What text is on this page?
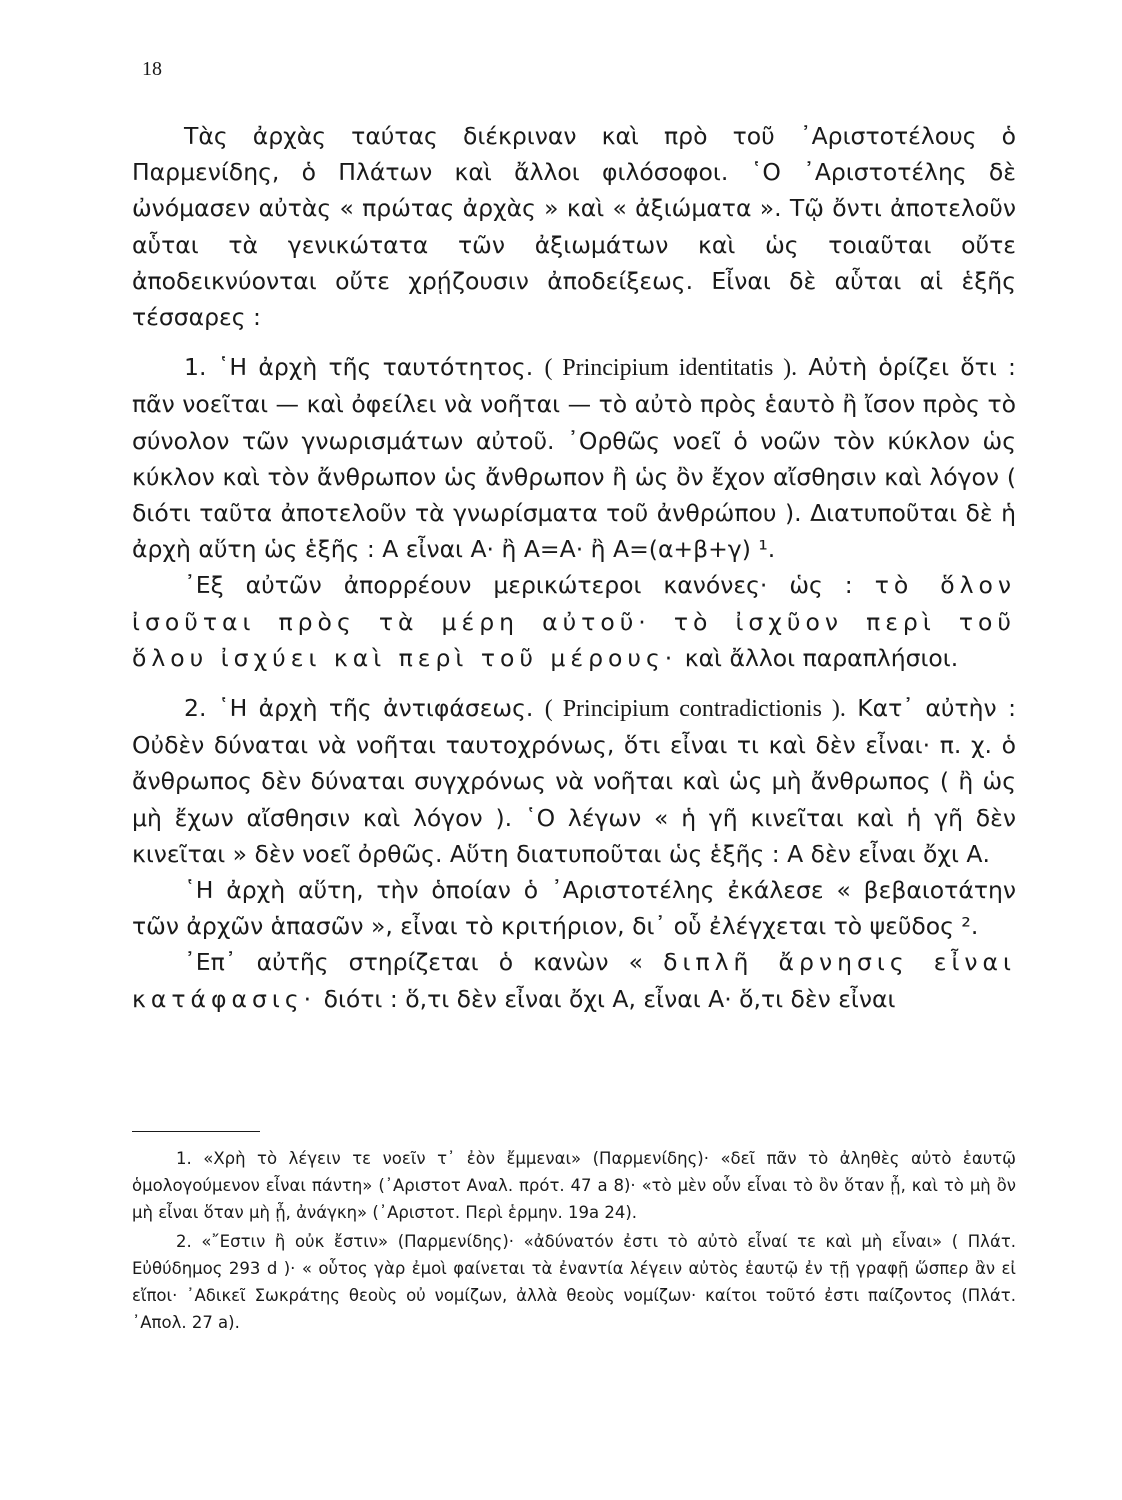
18

Τὰς ἀρχὰς ταύτας διέκριναν καὶ πρὸ τοῦ ᾽Αριστοτέλους ὁ Παρμενίδης, ὁ Πλάτων καὶ ἄλλοι φιλόσοφοι. ῾Ο ᾽Αριστοτέλης δὲ ὠνόμασεν αὐτὰς « πρώτας ἀρχὰς » καὶ « ἀξιώματα ». Τῷ ὄντι ἀποτελοῦν αὗται τὰ γενικώτατα τῶν ἀξιωμάτων καὶ ὡς τοιαῦται οὔτε ἀποδεικνύονται οὔτε χρῄζουσιν ἀποδείξεως. Εἶναι δὲ αὗται αἱ ἑξῆς τέσσαρες :

1. ῾Η ἀρχὴ τῆς ταυτότητος. ( Principium identitatis ). Αὐτὴ ὁρίζει ὅτι : πᾶν νοεῖται — καὶ ὀφείλει νὰ νοῆται — τὸ αὐτὸ πρὸς ἑαυτὸ ἢ ἴσον πρὸς τὸ σύνολον τῶν γνωρισμάτων αὐτοῦ. ᾽Ορθῶς νοεῖ ὁ νοῶν τὸν κύκλον ὡς κύκλον καὶ τὸν ἄνθρωπον ὡς ἄνθρωπον ἢ ὡς ὂν ἔχον αἴσθησιν καὶ λόγον ( διότι ταῦτα ἀποτελοῦν τὰ γνωρίσματα τοῦ ἀνθρώπου ). Διατυποῦται δὲ ἡ ἀρχὴ αὕτη ὡς ἑξῆς : Α εἶναι Α· ἢ Α=Α· ἢ Α=(α+β+γ) ¹.

᾽Εξ αὐτῶν ἀπορρέουν μερικώτεροι κανόνες· ὡς : τὸ ὅλον ἰσοῦται πρὸς τὰ μέρη αὐτοῦ· τὸ ἰσχῦον περὶ τοῦ ὅλου ἰσχύει καὶ περὶ τοῦ μέρους· καὶ ἄλλοι παραπλήσιοι.

2. ῾Η ἀρχὴ τῆς ἀντιφάσεως. ( Principium contradictionis ). Κατ᾽ αὐτὴν : Οὐδὲν δύναται νὰ νοῆται ταυτοχρόνως, ὅτι εἶναι τι καὶ δὲν εἶναι· π. χ. ὁ ἄνθρωπος δὲν δύναται συγχρόνως νὰ νοῆται καὶ ὡς μὴ ἄνθρωπος ( ἢ ὡς μὴ ἔχων αἴσθησιν καὶ λόγον ). ῾Ο λέγων « ἡ γῆ κινεῖται καὶ ἡ γῆ δὲν κινεῖται » δὲν νοεῖ ὀρθῶς. Αὕτη διατυποῦται ὡς ἑξῆς : Α δὲν εἶναι ὄχι Α.

῾Η ἀρχὴ αὕτη, τὴν ὁποίαν ὁ ᾽Αριστοτέλης ἐκάλεσε « βεβαιοτάτην τῶν ἀρχῶν ἁπασῶν », εἶναι τὸ κριτήριον, δι᾽ οὗ ἐλέγχεται τὸ ψεῦδος ².

᾽Επ᾽ αὐτῆς στηρίζεται ὁ κανὼν « διπλῆ ἄρνησις εἶναι κατάφασις· διότι : ὅ,τι δὲν εἶναι ὄχι Α, εἶναι Α· ὅ,τι δὲν εἶναι

1. «Χρὴ τὸ λέγειν τε νοεῖν τ᾽ ἐὸν ἔμμεναι» (Παρμενίδης)· «δεῖ πᾶν τὸ ἀληθὲς αὐτὸ ἑαυτῷ ὁμολογούμενον εἶναι πάντη» (᾽Αριστοτ Αναλ. πρότ. 47 a 8)· «τὸ μὲν οὖν εἶναι τὸ ὂν ὅταν ᾖ, καὶ τὸ μὴ ὂν μὴ εἶναι ὅταν μὴ ᾖ, ἀνάγκη» (᾽Αριστοτ. Περὶ ἑρμην. 19a 24).

2. «῎Εστιν ἢ οὐκ ἔστιν» (Παρμενίδης)· «ἀδύνατόν ἐστι τὸ αὐτὸ εἶναί τε καὶ μὴ εἶναι» ( Πλάτ. Εὐθύδημος 293 d )· « οὗτος γὰρ ἐμοὶ φαίνεται τὰ ἐναντία λέγειν αὐτὸς ἑαυτῷ ἐν τῇ γραφῇ ὥσπερ ἂν εἰ εἴποι· ᾽Αδικεῖ Σωκράτης θεοὺς οὐ νομίζων, ἀλλὰ θεοὺς νομίζων· καίτοι τοῦτό ἐστι παίζοντος (Πλάτ. ᾽Απολ. 27 a).
